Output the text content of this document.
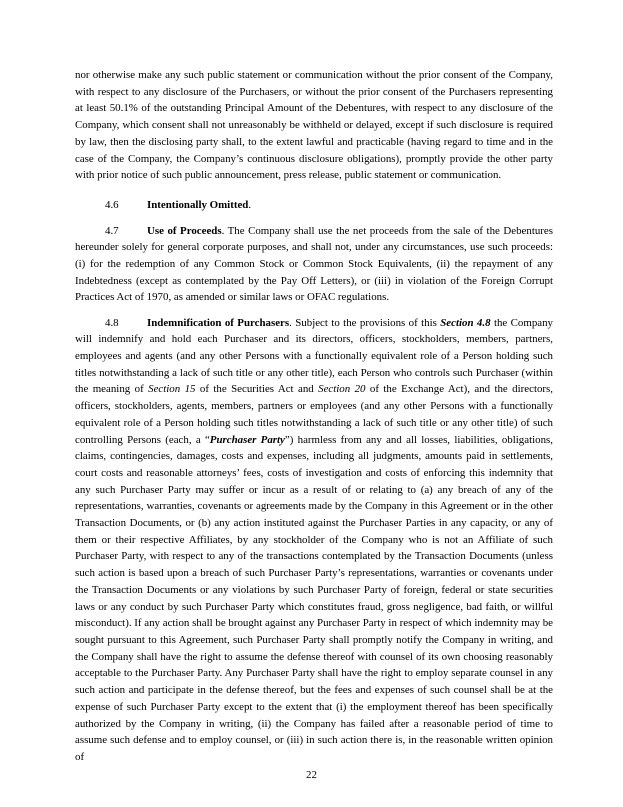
nor otherwise make any such public statement or communication without the prior consent of the Company, with respect to any disclosure of the Purchasers, or without the prior consent of the Purchasers representing at least 50.1% of the outstanding Principal Amount of the Debentures, with respect to any disclosure of the Company, which consent shall not unreasonably be withheld or delayed, except if such disclosure is required by law, then the disclosing party shall, to the extent lawful and practicable (having regard to time and in the case of the Company, the Company’s continuous disclosure obligations), promptly provide the other party with prior notice of such public announcement, press release, public statement or communication.

4.6	Intentionally Omitted.

4.7	Use of Proceeds. The Company shall use the net proceeds from the sale of the Debentures hereunder solely for general corporate purposes, and shall not, under any circumstances, use such proceeds: (i) for the redemption of any Common Stock or Common Stock Equivalents, (ii) the repayment of any Indebtedness (except as contemplated by the Pay Off Letters), or (iii) in violation of the Foreign Corrupt Practices Act of 1970, as amended or similar laws or OFAC regulations.

4.8	Indemnification of Purchasers. Subject to the provisions of this Section 4.8 the Company will indemnify and hold each Purchaser and its directors, officers, stockholders, members, partners, employees and agents (and any other Persons with a functionally equivalent role of a Person holding such titles notwithstanding a lack of such title or any other title), each Person who controls such Purchaser (within the meaning of Section 15 of the Securities Act and Section 20 of the Exchange Act), and the directors, officers, stockholders, agents, members, partners or employees (and any other Persons with a functionally equivalent role of a Person holding such titles notwithstanding a lack of such title or any other title) of such controlling Persons (each, a “Purchaser Party”) harmless from any and all losses, liabilities, obligations, claims, contingencies, damages, costs and expenses, including all judgments, amounts paid in settlements, court costs and reasonable attorneys’ fees, costs of investigation and costs of enforcing this indemnity that any such Purchaser Party may suffer or incur as a result of or relating to (a) any breach of any of the representations, warranties, covenants or agreements made by the Company in this Agreement or in the other Transaction Documents, or (b) any action instituted against the Purchaser Parties in any capacity, or any of them or their respective Affiliates, by any stockholder of the Company who is not an Affiliate of such Purchaser Party, with respect to any of the transactions contemplated by the Transaction Documents (unless such action is based upon a breach of such Purchaser Party’s representations, warranties or covenants under the Transaction Documents or any violations by such Purchaser Party of foreign, federal or state securities laws or any conduct by such Purchaser Party which constitutes fraud, gross negligence, bad faith, or willful misconduct). If any action shall be brought against any Purchaser Party in respect of which indemnity may be sought pursuant to this Agreement, such Purchaser Party shall promptly notify the Company in writing, and the Company shall have the right to assume the defense thereof with counsel of its own choosing reasonably acceptable to the Purchaser Party. Any Purchaser Party shall have the right to employ separate counsel in any such action and participate in the defense thereof, but the fees and expenses of such counsel shall be at the expense of such Purchaser Party except to the extent that (i) the employment thereof has been specifically authorized by the Company in writing, (ii) the Company has failed after a reasonable period of time to assume such defense and to employ counsel, or (iii) in such action there is, in the reasonable written opinion of

22
